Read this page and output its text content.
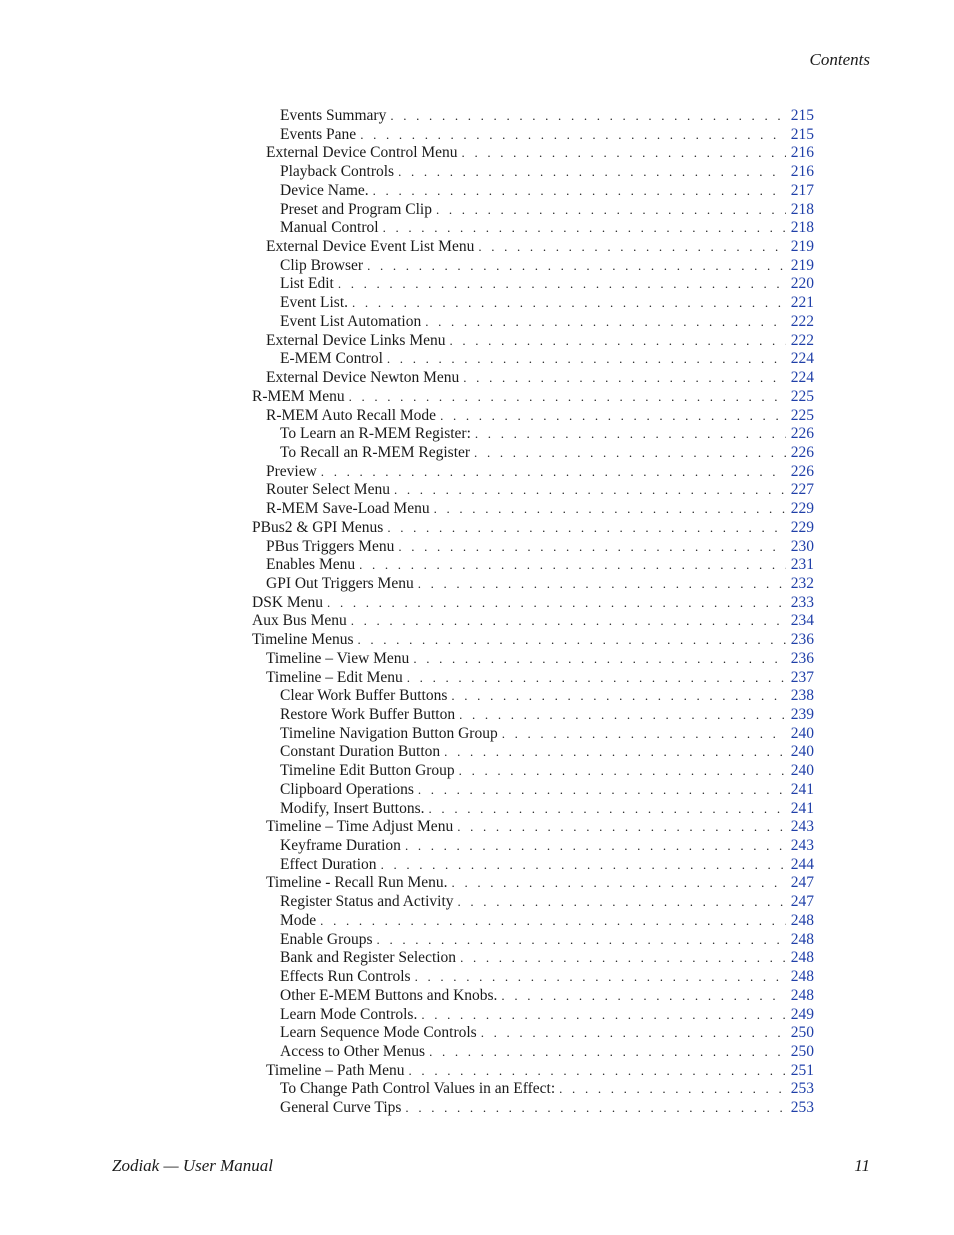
Contents
Events Summary . . .	215
Events Pane . . .	215
External Device Control Menu . . .	216
Playback Controls . . .	216
Device Name. . . .	217
Preset and Program Clip . . .	218
Manual Control . . .	218
External Device Event List Menu . . .	219
Clip Browser . . .	219
List Edit . . .	220
Event List. . . .	221
Event List Automation . . .	222
External Device Links Menu . . .	222
E-MEM Control . . .	224
External Device Newton Menu . . .	224
R-MEM Menu . . .	225
R-MEM Auto Recall Mode . . .	225
To Learn an R-MEM Register: . . .	226
To Recall an R-MEM Register . . .	226
Preview . . .	226
Router Select Menu . . .	227
R-MEM Save-Load Menu . . .	229
PBus2 & GPI Menus . . .	229
PBus Triggers Menu . . .	230
Enables Menu . . .	231
GPI Out Triggers Menu . . .	232
DSK Menu . . .	233
Aux Bus Menu . . .	234
Timeline Menus . . .	236
Timeline – View Menu . . .	236
Timeline – Edit Menu . . .	237
Clear Work Buffer Buttons . . .	238
Restore Work Buffer Button . . .	239
Timeline Navigation Button Group . . .	240
Constant Duration Button . . .	240
Timeline Edit Button Group . . .	240
Clipboard Operations . . .	241
Modify, Insert Buttons. . . .	241
Timeline – Time Adjust Menu . . .	243
Keyframe Duration . . .	243
Effect Duration . . .	244
Timeline - Recall Run Menu. . . .	247
Register Status and Activity . . .	247
Mode . . .	248
Enable Groups . . .	248
Bank and Register Selection . . .	248
Effects Run Controls . . .	248
Other E-MEM Buttons and Knobs. . . .	248
Learn Mode Controls. . . .	249
Learn Sequence Mode Controls . . .	250
Access to Other Menus . . .	250
Timeline – Path Menu . . .	251
To Change Path Control Values in an Effect: . . .	253
General Curve Tips . . .	253
Zodiak — User Manual	11
